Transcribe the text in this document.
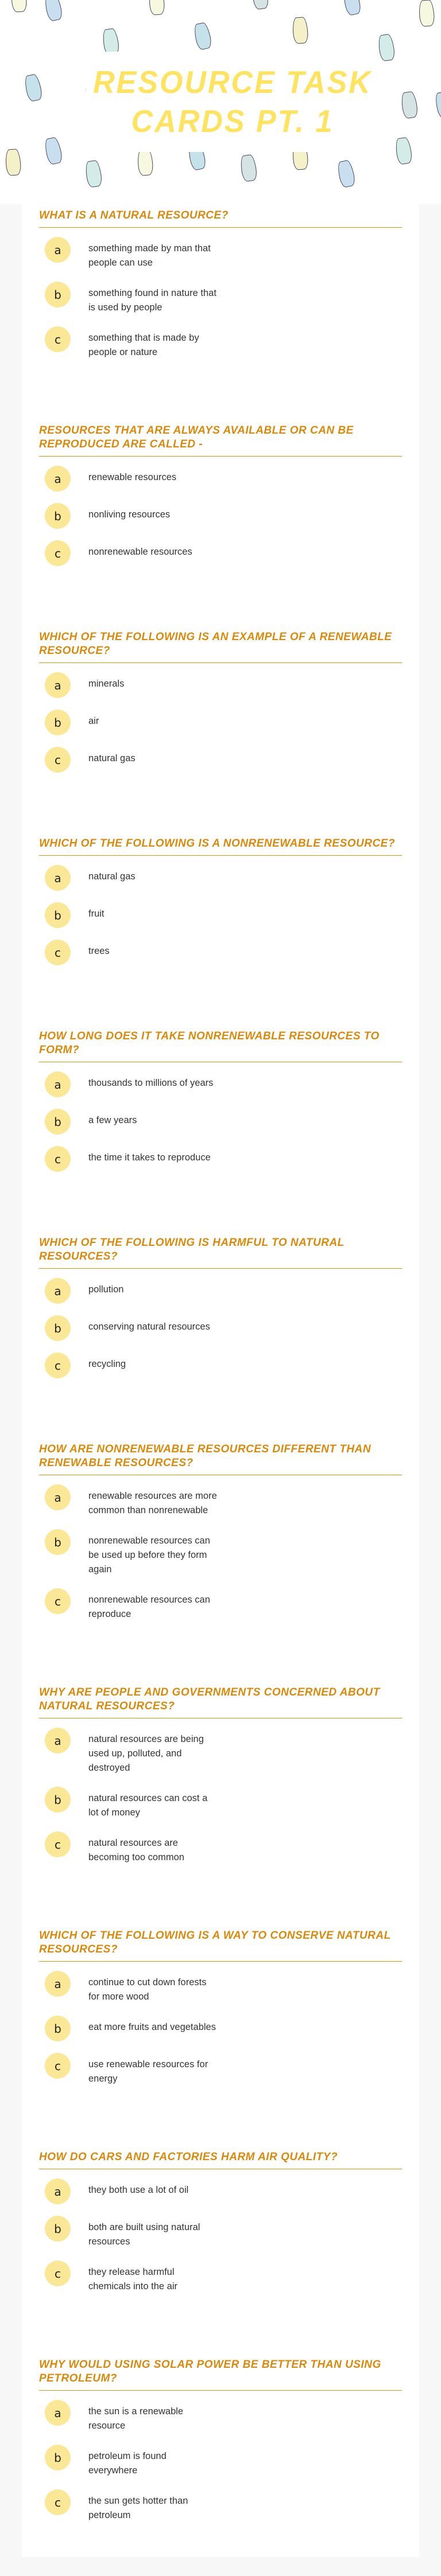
RESOURCE TASK
CARDS PT. 1
WHAT IS A NATURAL RESOURCE?
a	something made by man that people can use
b	something found in nature that is used by people
c	something that is made by people or nature
RESOURCES THAT ARE ALWAYS AVAILABLE OR CAN BE REPRODUCED ARE CALLED -
a	renewable resources
b	nonliving resources
c	nonrenewable resources
WHICH OF THE FOLLOWING IS AN EXAMPLE OF A RENEWABLE RESOURCE?
a	minerals
b	air
c	natural gas
WHICH OF THE FOLLOWING IS A NONRENEWABLE RESOURCE?
a	natural gas
b	fruit
c	trees
HOW LONG DOES IT TAKE NONRENEWABLE RESOURCES TO FORM?
a	thousands to millions of years
b	a few years
c	the time it takes to reproduce
WHICH OF THE FOLLOWING IS HARMFUL TO NATURAL RESOURCES?
a	pollution
b	conserving natural resources
c	recycling
HOW ARE NONRENEWABLE RESOURCES DIFFERENT THAN RENEWABLE RESOURCES?
a	renewable resources are more common than nonrenewable
b	nonrenewable resources can be used up before they form again
c	nonrenewable resources can reproduce
WHY ARE PEOPLE AND GOVERNMENTS CONCERNED ABOUT NATURAL RESOURCES?
a	natural resources are being used up, polluted, and destroyed
b	natural resources can cost a lot of money
c	natural resources are becoming too common
WHICH OF THE FOLLOWING IS A WAY TO CONSERVE NATURAL RESOURCES?
a	continue to cut down forests for more wood
b	eat more fruits and vegetables
c	use renewable resources for energy
HOW DO CARS AND FACTORIES HARM AIR QUALITY?
a	they both use a lot of oil
b	both are built using natural resources
c	they release harmful chemicals into the air
WHY WOULD USING SOLAR POWER BE BETTER THAN USING PETROLEUM?
a	the sun is a renewable resource
b	petroleum is found everywhere
c	the sun gets hotter than petroleum
